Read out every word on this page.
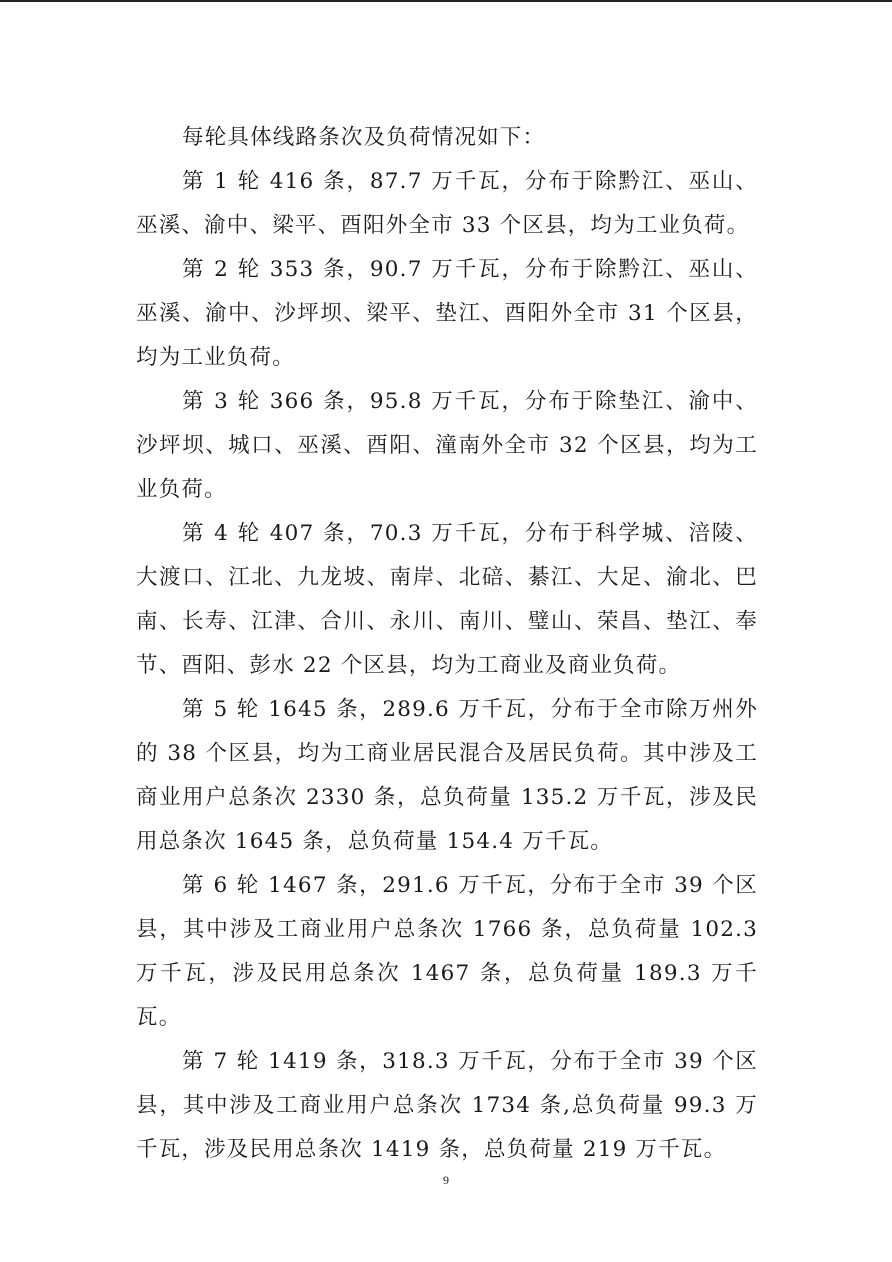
每轮具体线路条次及负荷情况如下：

第 1 轮 416 条，87.7 万千瓦，分布于除黔江、巫山、巫溪、渝中、梁平、酉阳外全市 33 个区县，均为工业负荷。

第 2 轮 353 条，90.7 万千瓦，分布于除黔江、巫山、巫溪、渝中、沙坪坝、梁平、垫江、酉阳外全市 31 个区县，均为工业负荷。

第 3 轮 366 条，95.8 万千瓦，分布于除垫江、渝中、沙坪坝、城口、巫溪、酉阳、潼南外全市 32 个区县，均为工业负荷。

第 4 轮 407 条，70.3 万千瓦，分布于科学城、涪陵、大渡口、江北、九龙坡、南岸、北碚、綦江、大足、渝北、巴南、长寿、江津、合川、永川、南川、璧山、荣昌、垫江、奉节、酉阳、彭水 22 个区县，均为工商业及商业负荷。

第 5 轮 1645 条，289.6 万千瓦，分布于全市除万州外的 38 个区县，均为工商业居民混合及居民负荷。其中涉及工商业用户总条次 2330 条，总负荷量 135.2 万千瓦，涉及民用总条次 1645 条，总负荷量 154.4 万千瓦。

第 6 轮 1467 条，291.6 万千瓦，分布于全市 39 个区县，其中涉及工商业用户总条次 1766 条，总负荷量 102.3 万千瓦，涉及民用总条次 1467 条，总负荷量 189.3 万千瓦。

第 7 轮 1419 条，318.3 万千瓦，分布于全市 39 个区县，其中涉及工商业用户总条次 1734 条,总负荷量 99.3 万千瓦，涉及民用总条次 1419 条，总负荷量 219 万千瓦。

9
